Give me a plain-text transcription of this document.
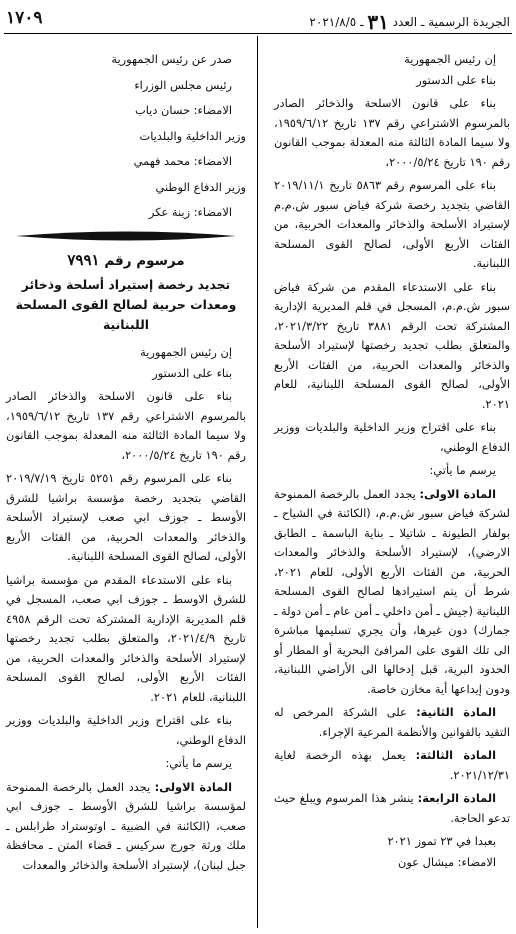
١٧٠٩	الجريدة الرسمية ـ العدد ٣١ ـ ٢٠٢١/٨/٥

إن رئيس الجمهورية

بناء على الدستور

بناء على قانون الاسلحة والذخائر الصادر بالمرسوم الاشتراعي رقم ١٣٧ تاريخ ١٩٥٩/٦/١٢، ولا سيما المادة الثالثة منه المعدلة بموجب القانون رقم ١٩٠ تاريخ ٢٠٠٠/٥/٢٤،

بناء على المرسوم رقم ٥٨٦٣ تاريخ ٢٠١٩/١١/١ القاضي بتجديد رخصة شركة فياض سبور ش.م.م لإستيراد الأسلحة والذخائر والمعدات الحربية، من الفئات الأربع الأولى، لصالح القوى المسلحة اللبنانية.

بناء على الاستدعاء المقدم من شركة فياض سبور ش.م.م، المسجل في قلم المديرية الإدارية المشتركة تحت الرقم ٣٨٨١ تاريخ ٢٠٢١/٣/٢٢، والمتعلق بطلب تجديد رخصتها لإستيراد الأسلحة والذخائر والمعدات الحربية، من الفئات الأربع الأولى، لصالح القوى المسلحة اللبنانية، للعام ٢٠٢١.

بناء على اقتراح وزير الداخلية والبلديات ووزير الدفاع الوطني،

يرسم ما يأتي:

المادة الاولى: يجدد العمل بالرخصة الممنوحة لشركة فياض سبور ش.م.م، (الكائنة في الشياح ـ بولفار الطيونة ـ شاتيلا ـ بناية الباسمة ـ الطابق الارضي)، لإستيراد الأسلحة والذخائر والمعدات الحربية، من الفئات الأربع الأولى، للعام ٢٠٢١، شرط أن يتم استيرادها لصالح القوى المسلحة اللبنانية (جيش ـ أمن داخلي ـ أمن عام ـ أمن دولة ـ جمارك) دون غيرها، وأن يجري تسليمها مباشرة الى تلك القوى على المرافئ البحرية أو المطار أو الحدود البرية، قبل إدخالها الى الأراضي اللبنانية، ودون إيداعها أية مخازن خاصة.

المادة الثانية: على الشركة المرخص له التقيد بالقوانين والأنظمة المرعية الإجراء.

المادة الثالثة: يعمل بهذه الرخصة لغاية ٢٠٢١/١٢/٣١.

المادة الرابعة: ينشر هذا المرسوم ويبلغ حيث تدعو الحاجة.

بعبدا في ٢٣ تموز ٢٠٢١

الامضاء: ميشال عون

صدر عن رئيس الجمهورية

رئيس مجلس الوزراء

الامضاء: حسان دياب

وزير الداخلية والبلديات

الامضاء: محمد فهمي

وزير الدفاع الوطني

الامضاء: زينة عكر

مرسوم رقم ٧٩٩١

تجديد رخصة إستيراد أسلحة وذخائر ومعدات حربية لصالح القوى المسلحة اللبنانية

إن رئيس الجمهورية

بناء على الدستور

بناء على قانون الاسلحة والذخائر الصادر بالمرسوم الاشتراعي رقم ١٣٧ تاريخ ١٩٥٩/٦/١٢، ولا سيما المادة الثالثة منه المعدلة بموجب القانون رقم ١٩٠ تاريخ ٢٠٠٠/٥/٢٤،

بناء على المرسوم رقم ٥٢٥١ تاريخ ٢٠١٩/٧/١٩ القاضي بتجديد رخصة مؤسسة براشيا للشرق الأوسط ـ جوزف ابي صعب لإستيراد الأسلحة والذخائر والمعدات الحربية، من الفئات الأربع الأولى، لصالح القوى المسلحة اللبنانية.

بناء على الاستدعاء المقدم من مؤسسة براشيا للشرق الاوسط ـ جوزف ابي صعب، المسجل في قلم المديرية الإدارية المشتركة تحت الرقم ٤٩٥٨ تاريخ ٢٠٢١/٤/٩، والمتعلق بطلب تجديد رخصتها لإستيراد الأسلحة والذخائر والمعدات الحربية، من الفئات الأربع الأولى، لصالح القوى المسلحة اللبنانية، للعام ٢٠٢١.

بناء على اقتراح وزير الداخلية والبلديات ووزير الدفاع الوطني،

يرسم ما يأتي:

المادة الاولى: يجدد العمل بالرخصة الممنوحة لمؤسسة براشيا للشرق الأوسط ـ جوزف ابي صعب، (الكائنة في الضبية ـ اوتوستراد طرابلس ـ ملك ورثة جورج سركيس ـ قضاء المتن ـ محافظة جبل لبنان)، لإستيراد الأسلحة والذخائر والمعدات
